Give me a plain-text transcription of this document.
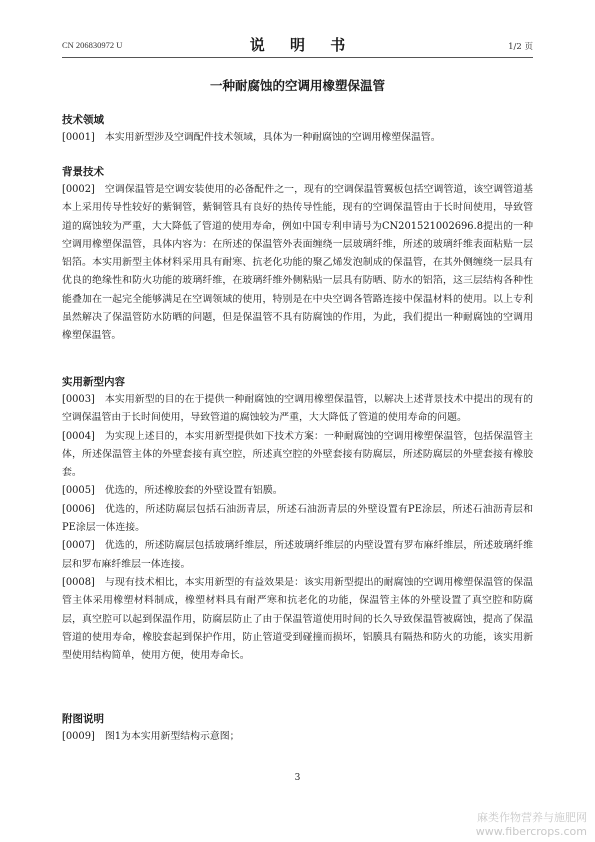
CN 206830972 U	说 明 书	1/2 页
一种耐腐蚀的空调用橡塑保温管

技术领域

[0001] 本实用新型涉及空调配件技术领域，具体为一种耐腐蚀的空调用橡塑保温管。

背景技术

[0002] 空调保温管是空调安装使用的必备配件之一，现有的空调保温管翼板包括空调管道，该空调管道基本上采用传导性较好的紫铜管，紫铜管具有良好的热传导性能，现有的空调保温管由于长时间使用，导致管道的腐蚀较为严重，大大降低了管道的使用寿命，例如中国专利申请号为CN201521002696.8提出的一种空调用橡塑保温管，具体内容为：在所述的保温管外表面缠绕一层玻璃纤维，所述的玻璃纤维表面粘贴一层铝箔。本实用新型主体材料采用具有耐寒、抗老化功能的聚乙烯发泡制成的保温管，在其外侧缠绕一层具有优良的绝缘性和防火功能的玻璃纤维，在玻璃纤维外侧粘贴一层具有防晒、防水的铝箔，这三层结构各种性能叠加在一起完全能够满足在空调领域的使用，特别是在中央空调各管路连接中保温材料的使用。以上专利虽然解决了保温管防水防晒的问题，但是保温管不具有防腐蚀的作用，为此，我们提出一种耐腐蚀的空调用橡塑保温管。

实用新型内容

[0003] 本实用新型的目的在于提供一种耐腐蚀的空调用橡塑保温管，以解决上述背景技术中提出的现有的空调保温管由于长时间使用，导致管道的腐蚀较为严重，大大降低了管道的使用寿命的问题。

[0004] 为实现上述目的，本实用新型提供如下技术方案：一种耐腐蚀的空调用橡塑保温管，包括保温管主体，所述保温管主体的外壁套接有真空腔，所述真空腔的外壁套接有防腐层，所述防腐层的外壁套接有橡胶套。

[0005] 优选的，所述橡胶套的外壁设置有铝膜。

[0006] 优选的，所述防腐层包括石油沥青层，所述石油沥青层的外壁设置有PE涂层，所述石油沥青层和PE涂层一体连接。

[0007] 优选的，所述防腐层包括玻璃纤维层，所述玻璃纤维层的内壁设置有罗布麻纤维层，所述玻璃纤维层和罗布麻纤维层一体连接。

[0008] 与现有技术相比，本实用新型的有益效果是：该实用新型提出的耐腐蚀的空调用橡塑保温管的保温管主体采用橡塑材料制成，橡塑材料具有耐严寒和抗老化的功能，保温管主体的外壁设置了真空腔和防腐层，真空腔可以起到保温作用，防腐层防止了由于保温管道使用时间的长久导致保温管被腐蚀，提高了保温管道的使用寿命，橡胶套起到保护作用，防止管道受到碰撞而损坏，铝膜具有隔热和防火的功能，该实用新型使用结构简单，使用方便，使用寿命长。

附图说明

[0009] 图1为本实用新型结构示意图；

3
麻类作物营养与施肥网
www.fibercrops.com
